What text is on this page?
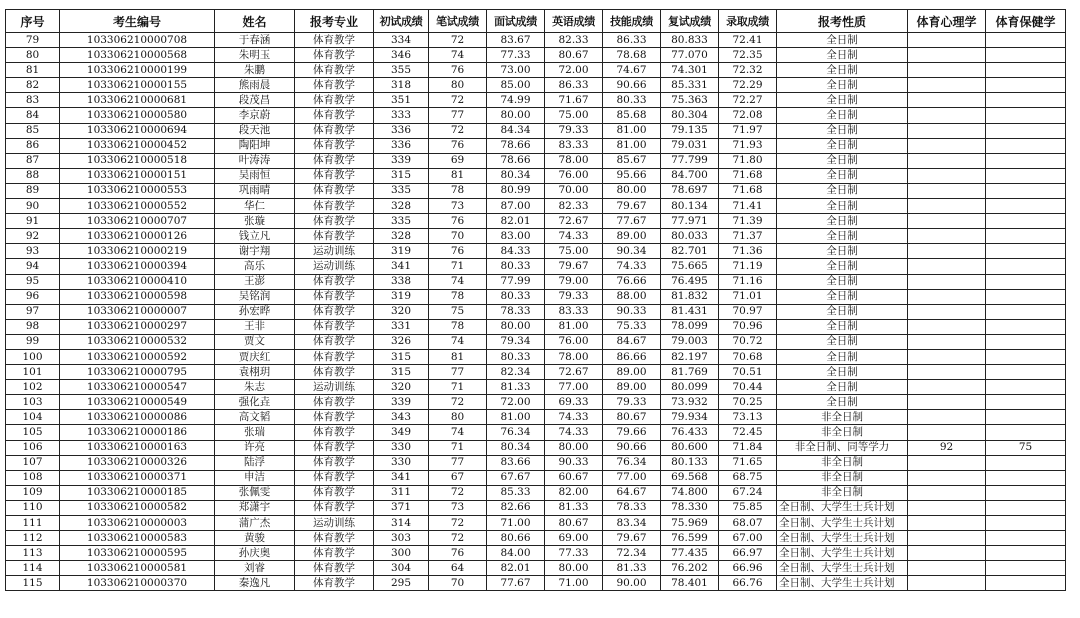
序号	考生编号	姓名	报考专业	初试成绩	笔试成绩	面试成绩	英语成绩	技能成绩	复试成绩	录取成绩	报考性质	体育心理学	体育保健学
79	103306210000708	于春涵	体育教学	334	72	83.67	82.33	86.33	80.833	72.41	全日制		
80	103306210000568	朱明玉	体育教学	346	74	77.33	80.67	78.68	77.070	72.35	全日制		
81	103306210000199	朱鹏	体育教学	355	76	73.00	72.00	74.67	74.301	72.32	全日制		
82	103306210000155	熊雨晨	体育教学	318	80	85.00	86.33	90.66	85.331	72.29	全日制		
83	103306210000681	段茂昌	体育教学	351	72	74.99	71.67	80.33	75.363	72.27	全日制		
84	103306210000580	李京蔚	体育教学	333	77	80.00	75.00	85.68	80.304	72.08	全日制		
85	103306210000694	段天池	体育教学	336	72	84.34	79.33	81.00	79.135	71.97	全日制		
86	103306210000452	陶阳坤	体育教学	336	76	78.66	83.33	81.00	79.031	71.93	全日制		
87	103306210000518	叶涛涛	体育教学	339	69	78.66	78.00	85.67	77.799	71.80	全日制		
88	103306210000151	吴雨恒	体育教学	315	81	80.34	76.00	95.66	84.700	71.68	全日制		
89	103306210000553	巩雨晴	体育教学	335	78	80.99	70.00	80.00	78.697	71.68	全日制		
90	103306210000552	华仁	体育教学	328	73	87.00	82.33	79.67	80.134	71.41	全日制		
91	103306210000707	张璇	体育教学	335	76	82.01	72.67	77.67	77.971	71.39	全日制		
92	103306210000126	钱立凡	体育教学	328	70	83.00	74.33	89.00	80.033	71.37	全日制		
93	103306210000219	谢宇翔	运动训练	319	76	84.33	75.00	90.34	82.701	71.36	全日制		
94	103306210000394	高乐	运动训练	341	71	80.33	79.67	74.33	75.665	71.19	全日制		
95	103306210000410	王澎	体育教学	338	74	77.99	79.00	76.66	76.495	71.16	全日制		
96	103306210000598	吴铭润	体育教学	319	78	80.33	79.33	88.00	81.832	71.01	全日制		
97	103306210000007	孙宏晔	体育教学	320	75	78.33	83.33	90.33	81.431	70.97	全日制		
98	103306210000297	王非	体育教学	331	78	80.00	81.00	75.33	78.099	70.96	全日制		
99	103306210000532	贾文	体育教学	326	74	79.34	76.00	84.67	79.003	70.72	全日制		
100	103306210000592	贾庆红	体育教学	315	81	80.33	78.00	86.66	82.197	70.68	全日制		
101	103306210000795	袁栩玥	体育教学	315	77	82.34	72.67	89.00	81.769	70.51	全日制		
102	103306210000547	朱志	运动训练	320	71	81.33	77.00	89.00	80.099	70.44	全日制		
103	103306210000549	强化垚	体育教学	339	72	72.00	69.33	79.33	73.932	70.25	全日制		
104	103306210000086	高文韬	体育教学	343	80	81.00	74.33	80.67	79.934	73.13	非全日制		
105	103306210000186	张瑞	体育教学	349	74	76.34	74.33	79.66	76.433	72.45	非全日制		
106	103306210000163	许亮	体育教学	330	71	80.34	80.00	90.66	80.600	71.84	非全日制、同等学力	92	75
107	103306210000326	陆浮	体育教学	330	77	83.66	90.33	76.34	80.133	71.65	非全日制		
108	103306210000371	申洁	体育教学	341	67	67.67	60.67	77.00	69.568	68.75	非全日制		
109	103306210000185	张佩雯	体育教学	311	72	85.33	82.00	64.67	74.800	67.24	非全日制		
110	103306210000582	郑潇宇	体育教学	371	73	82.66	81.33	78.33	78.330	75.85	全日制、大学生士兵计划		
111	103306210000003	蒲广杰	运动训练	314	72	71.00	80.67	83.34	75.969	68.07	全日制、大学生士兵计划		
112	103306210000583	黄骏	体育教学	303	72	80.66	69.00	79.67	76.599	67.00	全日制、大学生士兵计划		
113	103306210000595	孙庆奥	体育教学	300	76	84.00	77.33	72.34	77.435	66.97	全日制、大学生士兵计划		
114	103306210000581	刘睿	体育教学	304	64	82.01	80.00	81.33	76.202	66.96	全日制、大学生士兵计划		
115	103306210000370	秦逸凡	体育教学	295	70	77.67	71.00	90.00	78.401	66.76	全日制、大学生士兵计划		
